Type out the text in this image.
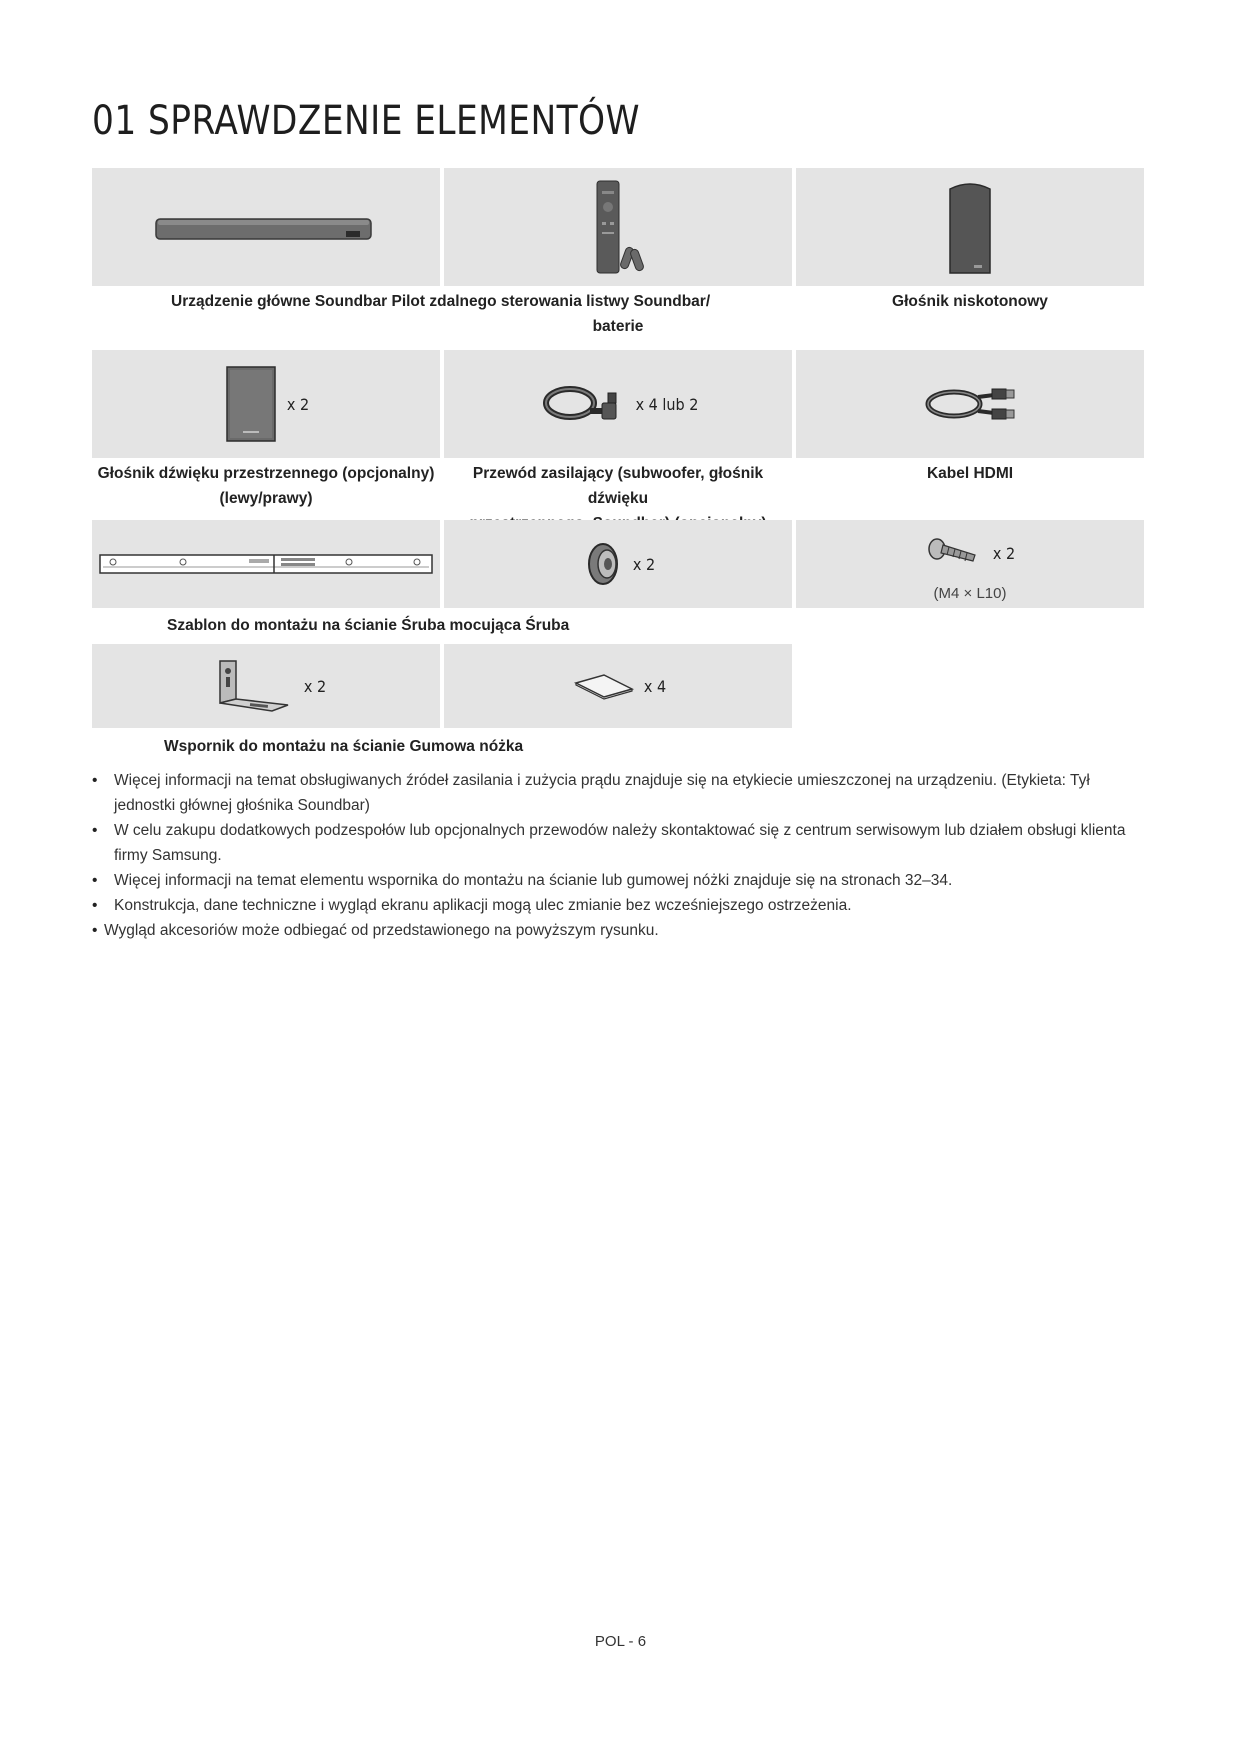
01 SPRAWDZENIE ELEMENTÓW
Urządzenie główne Soundbar Pilot zdalnego sterowania listwy Soundbar/
baterie
Głośnik niskotonowy
x 2	x 4 lub 2
Głośnik dźwięku przestrzennego (opcjonalny)
(lewy/prawy)
Przewód zasilający (subwoofer, głośnik dźwięku
Kabel HDMI
x 2
x 2
(M4 × L10)
Szablon do montażu na ścianie Śruba mocująca Śruba
x 2	x 4
Wspornik do montażu na ścianie Gumowa nóżka
• Więcej informacji na temat obsługiwanych źródeł zasilania i zużycia prądu znajduje się na etykiecie umieszczonej na urządzeniu. (Etykieta: Tył jednostki głównej głośnika Soundbar)
• W celu zakupu dodatkowych podzespołów lub opcjonalnych przewodów należy skontaktować się z centrum serwisowym lub działem obsługi klienta firmy Samsung.
• Więcej informacji na temat elementu wspornika do montażu na ścianie lub gumowej nóżki znajduje się na stronach 32–34.
• Konstrukcja, dane techniczne i wygląd ekranu aplikacji mogą ulec zmianie bez wcześniejszego ostrzeżenia.
• Wygląd akcesoriów może odbiegać od przedstawionego na powyższym rysunku.
POL - 6
